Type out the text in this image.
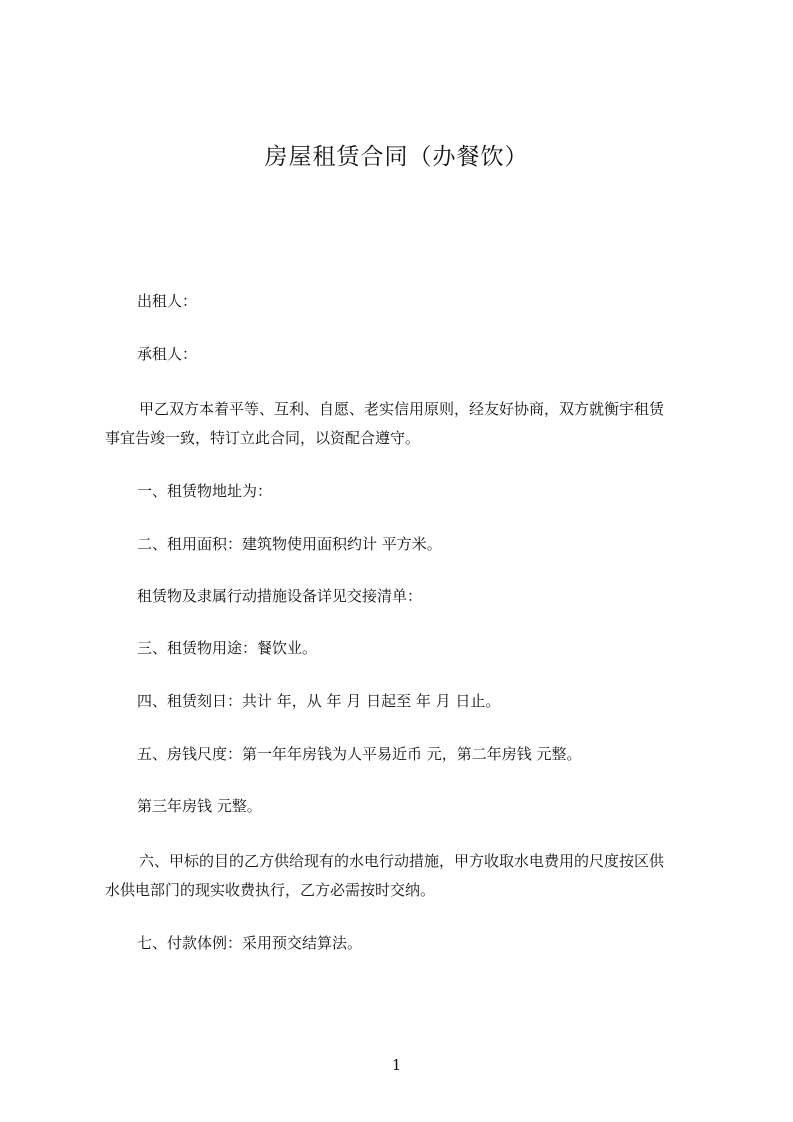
房屋租赁合同（办餐饮）

出租人：

承租人：

甲乙双方本着平等、互利、自愿、老实信用原则，经友好协商，双方就衡宇租赁
事宜告竣一致，特订立此合同，以资配合遵守。

一、租赁物地址为：

二、租用面积：建筑物使用面积约计 平方米。

租赁物及隶属行动措施设备详见交接清单：

三、租赁物用途：餐饮业。

四、租赁刻日：共计 年，从 年 月 日起至 年 月 日止。

五、房钱尺度：第一年年房钱为人平易近币 元，第二年房钱 元整。

第三年房钱 元整。

六、甲标的目的乙方供给现有的水电行动措施，甲方收取水电费用的尺度按区供
水供电部门的现实收费执行，乙方必需按时交纳。

七、付款体例：采用预交结算法。

1
